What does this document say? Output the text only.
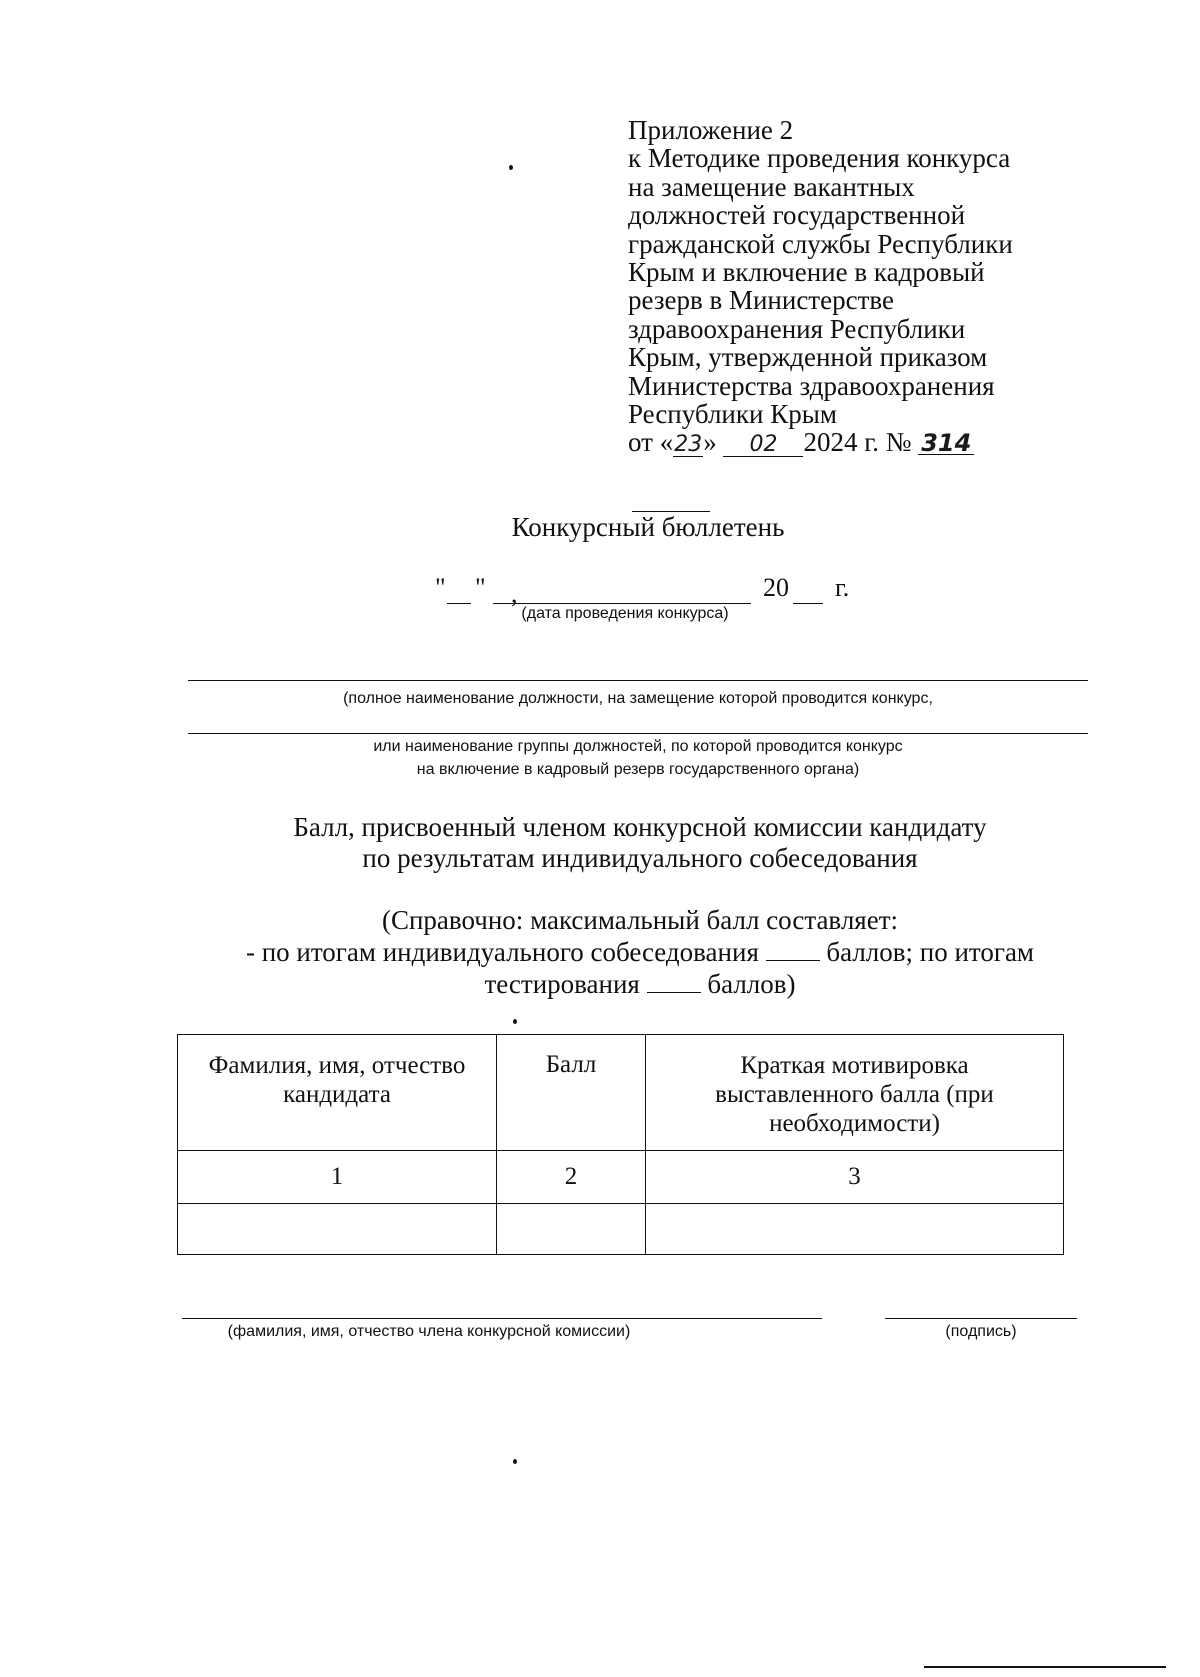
Приложение 2
к Методике проведения конкурса
на замещение вакантных
должностей государственной
гражданской службы Республики
Крым и включение в кадровый
резерв в Министерстве
здравоохранения Республики
Крым, утвержденной приказом
Министерства здравоохранения
Республики Крым
от «23» 02 2024 г. № 314
Конкурсный бюллетень
" " ,	20 г.
(дата проведения конкурса)
(полное наименование должности, на замещение которой проводится конкурс,
или наименование группы должностей, по которой проводится конкурс
на включение в кадровый резерв государственного органа)
Балл, присвоенный членом конкурсной комиссии кандидату
по результатам индивидуального собеседования
(Справочно: максимальный балл составляет:
- по итогам индивидуального собеседования	баллов; по итогам
тестирования	баллов)
Фамилия, имя, отчество кандидата	Балл	Краткая мотивировка выставленного балла (при необходимости)
1	2	3

(фамилия, имя, отчество члена конкурсной комиссии)	(подпись)
